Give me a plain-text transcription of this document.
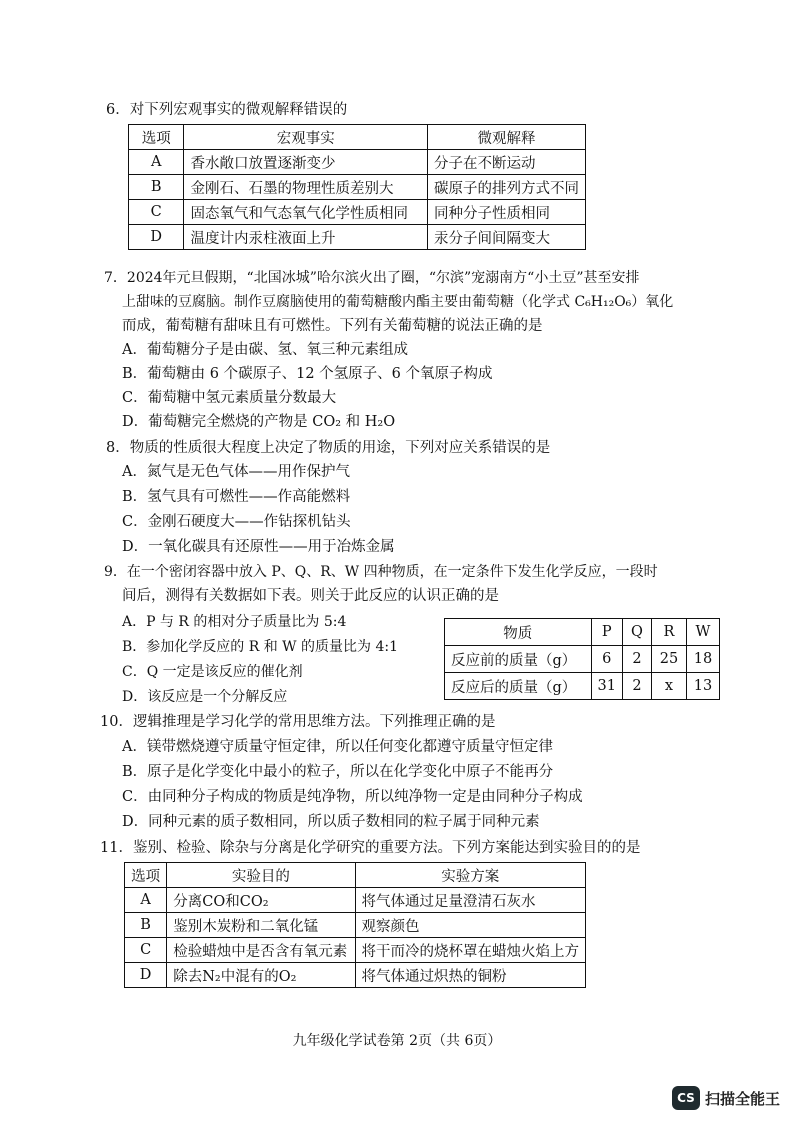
6．对下列宏观事实的微观解释错误的
选项	宏观事实	微观解释
A	香水敞口放置逐渐变少	分子在不断运动
B	金刚石、石墨的物理性质差别大	碳原子的排列方式不同
C	固态氧气和气态氧气化学性质相同	同种分子性质相同
D	温度计内汞柱液面上升	汞分子间间隔变大
7．2024年元旦假期，“北国冰城”哈尔滨火出了圈，“尔滨”宠溺南方“小土豆”甚至安排
上甜味的豆腐脑。制作豆腐脑使用的葡萄糖酸内酯主要由葡萄糖（化学式 C₆H₁₂O₆）氧化
而成，葡萄糖有甜味且有可燃性。下列有关葡萄糖的说法正确的是
A．葡萄糖分子是由碳、氢、氧三种元素组成
B．葡萄糖由 6 个碳原子、12 个氢原子、6 个氧原子构成
C．葡萄糖中氢元素质量分数最大
D．葡萄糖完全燃烧的产物是 CO₂ 和 H₂O
8．物质的性质很大程度上决定了物质的用途，下列对应关系错误的是
A．氮气是无色气体——用作保护气
B．氢气具有可燃性——作高能燃料
C．金刚石硬度大——作钻探机钻头
D．一氧化碳具有还原性——用于冶炼金属
9．在一个密闭容器中放入 P、Q、R、W 四种物质，在一定条件下发生化学反应，一段时
间后，测得有关数据如下表。则关于此反应的认识正确的是
A．P 与 R 的相对分子质量比为 5:4
B．参加化学反应的 R 和 W 的质量比为 4:1
C．Q 一定是该反应的催化剂
D．该反应是一个分解反应
物质	P	Q	R	W
反应前的质量（g）	6	2	25	18
反应后的质量（g）	31	2	x	13
10．逻辑推理是学习化学的常用思维方法。下列推理正确的是
A．镁带燃烧遵守质量守恒定律，所以任何变化都遵守质量守恒定律
B．原子是化学变化中最小的粒子，所以在化学变化中原子不能再分
C．由同种分子构成的物质是纯净物，所以纯净物一定是由同种分子构成
D．同种元素的质子数相同，所以质子数相同的粒子属于同种元素
11．鉴别、检验、除杂与分离是化学研究的重要方法。下列方案能达到实验目的的是
选项	实验目的	实验方案
A	分离CO和CO₂	将气体通过足量澄清石灰水
B	鉴别木炭粉和二氧化锰	观察颜色
C	检验蜡烛中是否含有氧元素	将干而冷的烧杯罩在蜡烛火焰上方
D	除去N₂中混有的O₂	将气体通过炽热的铜粉
九年级化学试卷第 2页（共 6页）
CS 扫描全能王
